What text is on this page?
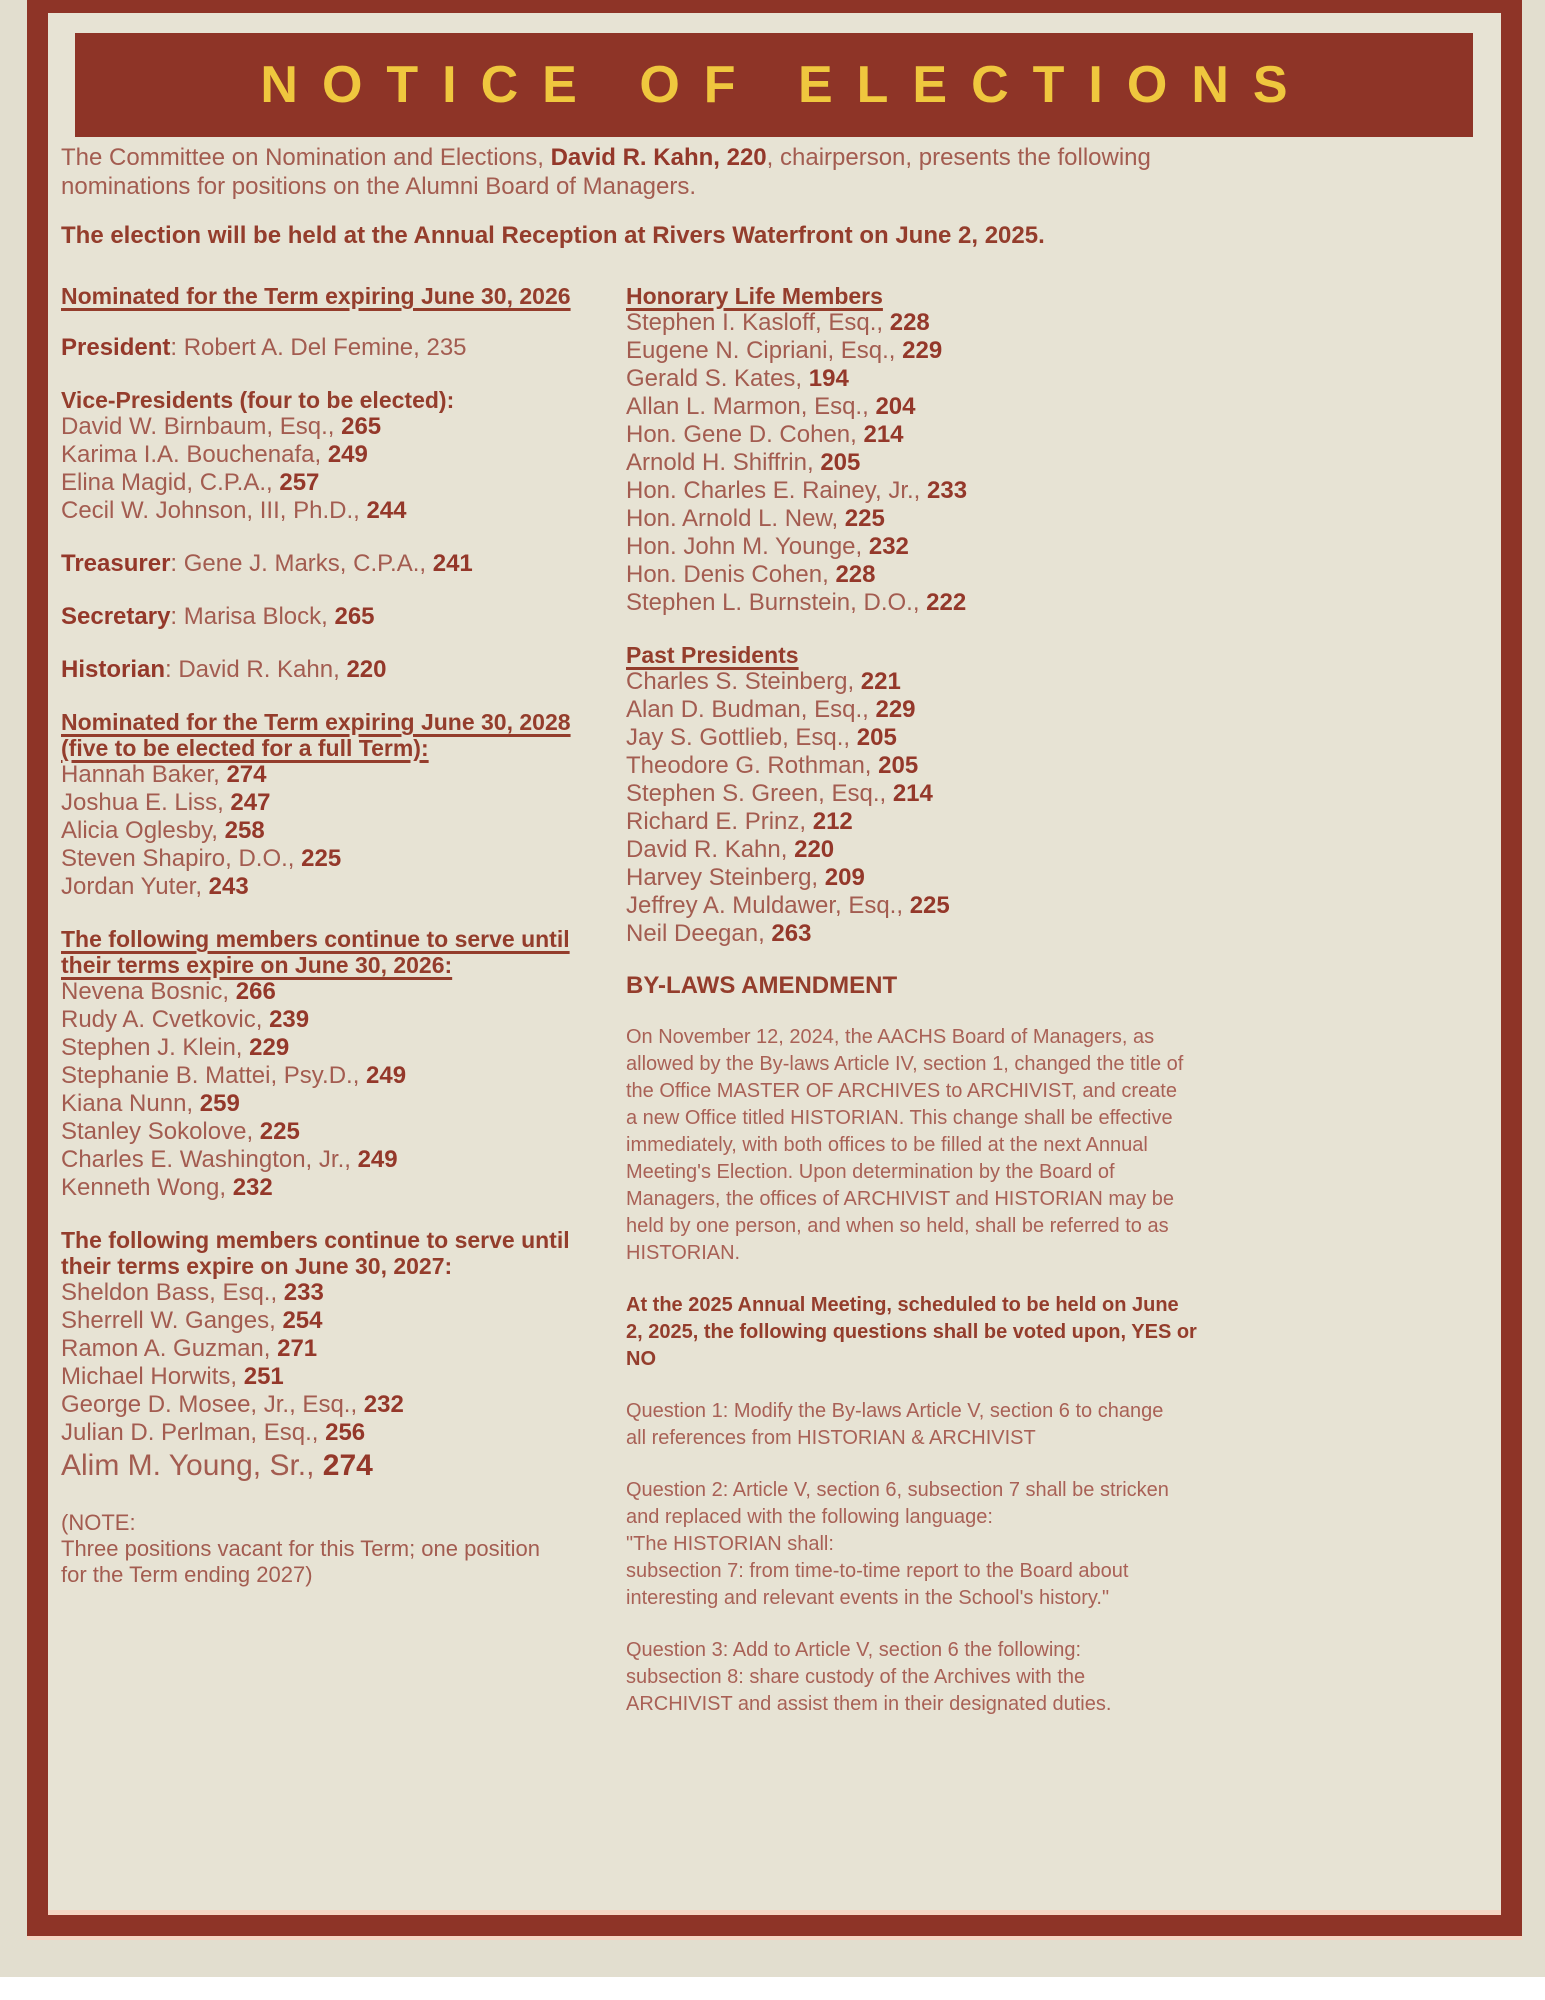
NOTICE OF ELECTIONS

The Committee on Nomination and Elections, David R. Kahn, 220, chairperson, presents the following nominations for positions on the Alumni Board of Managers.

The election will be held at the Annual Reception at Rivers Waterfront on June 2, 2025.

Nominated for the Term expiring June 30, 2026
President: Robert A. Del Femine, 235
Vice-Presidents (four to be elected):
David W. Birnbaum, Esq., 265
Karima I.A. Bouchenafa, 249
Elina Magid, C.P.A., 257
Cecil W. Johnson, III, Ph.D., 244
Treasurer: Gene J. Marks, C.P.A., 241
Secretary: Marisa Block, 265
Historian: David R. Kahn, 220
Nominated for the Term expiring June 30, 2028
(five to be elected for a full Term):
Hannah Baker, 274
Joshua E. Liss, 247
Alicia Oglesby, 258
Steven Shapiro, D.O., 225
Jordan Yuter, 243
The following members continue to serve until
their terms expire on June 30, 2026:
Nevena Bosnic, 266
Rudy A. Cvetkovic, 239
Stephen J. Klein, 229
Stephanie B. Mattei, Psy.D., 249
Kiana Nunn, 259
Stanley Sokolove, 225
Charles E. Washington, Jr., 249
Kenneth Wong, 232
The following members continue to serve until
their terms expire on June 30, 2027:
Sheldon Bass, Esq., 233
Sherrell W. Ganges, 254
Ramon A. Guzman, 271
Michael Horwits, 251
George D. Mosee, Jr., Esq., 232
Julian D. Perlman, Esq., 256
Alim M. Young, Sr., 274
(NOTE:
Three positions vacant for this Term; one position for the Term ending 2027)
Honorary Life Members
Stephen I. Kasloff, Esq., 228
Eugene N. Cipriani, Esq., 229
Gerald S. Kates, 194
Allan L. Marmon, Esq., 204
Hon. Gene D. Cohen, 214
Arnold H. Shiffrin, 205
Hon. Charles E. Rainey, Jr., 233
Hon. Arnold L. New, 225
Hon. John M. Younge, 232
Hon. Denis Cohen, 228
Stephen L. Burnstein, D.O., 222
Past Presidents
Charles S. Steinberg, 221
Alan D. Budman, Esq., 229
Jay S. Gottlieb, Esq., 205
Theodore G. Rothman, 205
Stephen S. Green, Esq., 214
Richard E. Prinz, 212
David R. Kahn, 220
Harvey Steinberg, 209
Jeffrey A. Muldawer, Esq., 225
Neil Deegan, 263
BY-LAWS AMENDMENT
On November 12, 2024, the AACHS Board of Managers, as allowed by the By-laws Article IV, section 1, changed the title of the Office MASTER OF ARCHIVES to ARCHIVIST, and create a new Office titled HISTORIAN. This change shall be effective immediately, with both offices to be filled at the next Annual Meeting's Election. Upon determination by the Board of Managers, the offices of ARCHIVIST and HISTORIAN may be held by one person, and when so held, shall be referred to as HISTORIAN.
At the 2025 Annual Meeting, scheduled to be held on June 2, 2025, the following questions shall be voted upon, YES or NO
Question 1: Modify the By-laws Article V, section 6 to change all references from HISTORIAN & ARCHIVIST
Question 2: Article V, section 6, subsection 7 shall be stricken and replaced with the following language:
"The HISTORIAN shall:
subsection 7: from time-to-time report to the Board about interesting and relevant events in the School's history."
Question 3: Add to Article V, section 6 the following:
subsection 8: share custody of the Archives with the ARCHIVIST and assist them in their designated duties.
